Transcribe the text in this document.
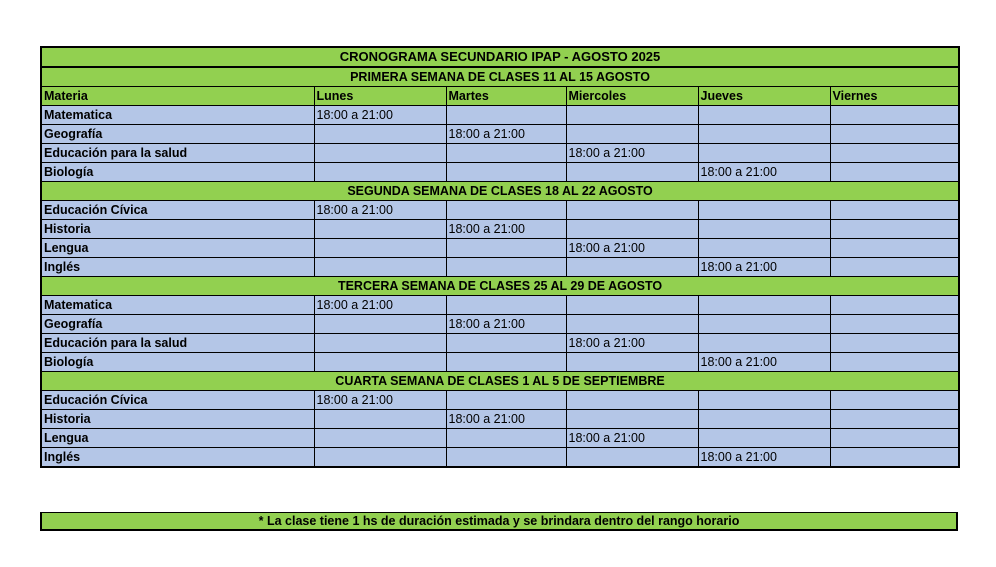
CRONOGRAMA SECUNDARIO IPAP - AGOSTO 2025					
PRIMERA SEMANA DE CLASES 11 AL 15 AGOSTO					
Materia	Lunes	Martes	Miercoles	Jueves	Viernes
Matematica	18:00 a 21:00				
Geografía		18:00 a 21:00			
Educación para la salud			18:00 a 21:00		
Biología				18:00 a 21:00	
SEGUNDA SEMANA DE CLASES 18 AL 22 AGOSTO					
Educación Cívica	18:00 a 21:00				
Historia		18:00 a 21:00			
Lengua			18:00 a 21:00		
Inglés				18:00 a 21:00	
TERCERA SEMANA DE CLASES 25 AL 29 DE AGOSTO					
Matematica	18:00 a 21:00				
Geografía		18:00 a 21:00			
Educación para la salud			18:00 a 21:00		
Biología				18:00 a 21:00	
CUARTA SEMANA DE CLASES 1 AL 5 DE SEPTIEMBRE					
Educación Cívica	18:00 a 21:00				
Historia		18:00 a 21:00			
Lengua			18:00 a 21:00		
Inglés				18:00 a 21:00	
* La clase tiene 1 hs de duración estimada y se brindara dentro del rango horario
